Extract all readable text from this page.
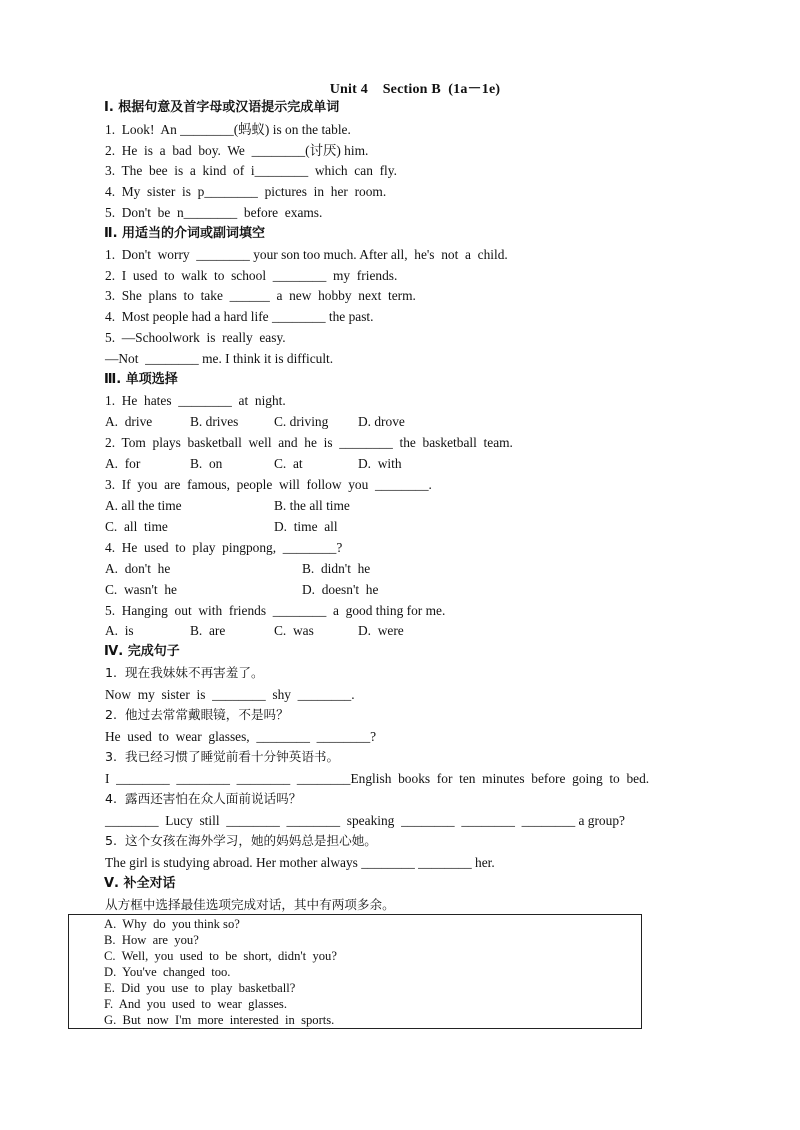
Unit 4    Section B  (1a－1e)
Ⅰ. 根据句意及首字母或汉语提示完成单词
1.  Look!  An ________(蚂蚁) is on the table.
2.  He  is  a  bad  boy.  We  ________(讨厌) him.
3.  The  bee  is  a  kind  of  i________  which  can  fly.
4.  My  sister  is  p________  pictures  in  her  room.
5.  Don't  be  n________  before  exams.
Ⅱ. 用适当的介词或副词填空
1.  Don't  worry  ________ your son too much. After all,  he's  not  a  child.
2.  I  used  to  walk  to  school  ________  my  friends.
3.  She  plans  to  take  ______  a  new  hobby  next  term.
4.  Most people had a hard life ________ the past.
5.  —Schoolwork  is  really  easy.
—Not  ________ me. I think it is difficult.
Ⅲ. 单项选择
1.  He  hates  ________  at  night.
A.  drive	B. drives	C. driving D. drove
2.  Tom  plays  basketball  well  and  he  is  ________  the  basketball  team.
A.  for	B.  on	C.  at	D.  with
3.  If  you  are  famous,  people  will  follow  you  ________.
A. all the time	B. the all time
C.  all  time	D.  time  all
4.  He  used  to  play  pingpong,  ________?
A.  don't  he	B.  didn't  he
C.  wasn't  he	D.  doesn't  he
5.  Hanging  out  with  friends  ________  a  good thing for me.
A.  is	B.  are	C.  was	D.  were
Ⅳ. 完成句子
1.  现在我妹妹不再害羞了。
Now  my  sister  is  ________  shy  ________.
2.  他过去常常戴眼镜，不是吗？
He  used  to  wear  glasses,  ________  ________?
3.  我已经习惯了睡觉前看十分钟英语书。
I  ________  ________  ________  ________English  books  for  ten  minutes  before  going  to  bed.
4.  露西还害怕在众人面前说话吗？
________  Lucy  still  ________  ________  speaking  ________  ________  ________ a group?
5.  这个女孩在海外学习，她的妈妈总是担心她。
The girl is studying abroad. Her mother always ________ ________ her.
Ⅴ. 补全对话
从方框中选择最佳选项完成对话，其中有两项多余。
A.  Why  do  you think so?
B.  How  are  you?
C.  Well,  you  used  to  be  short,  didn't  you?
D.  You've  changed  too.
E.  Did  you  use  to  play  basketball?
F.  And  you  used  to  wear  glasses.
G.  But  now  I'm  more  interested  in  sports.
